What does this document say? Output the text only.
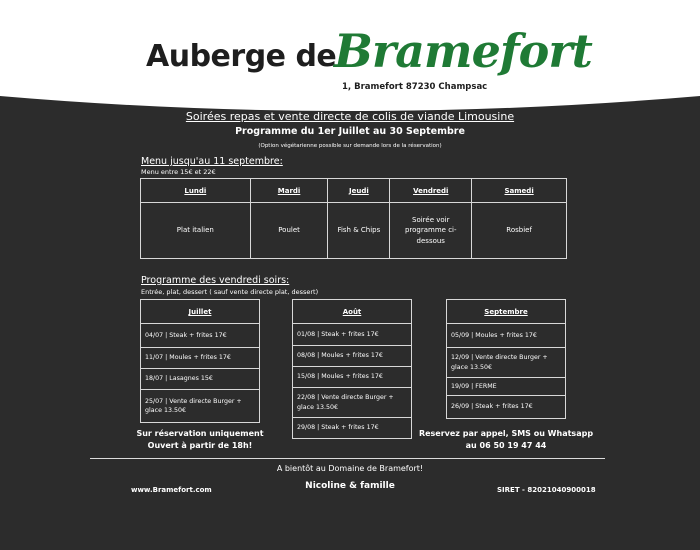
Auberge de
Bramefort
1, Bramefort 87230 Champsac
Soirées repas et vente directe de colis de viande Limousine
Programme du 1er Juillet au 30 Septembre
(Option végétarienne possible sur demande lors de la réservation)
Menu jusqu'au 11 septembre:
Menu entre 15€ et 22€
Lundi	Mardi	Jeudi	Vendredi	Samedi
Plat italien	Poulet	Fish & Chips	Soirée voir programme ci-dessous	Rosbief
Programme des vendredi soirs:
Entrée, plat, dessert ( sauf vente directe plat, dessert)
Juillet
04/07 | Steak + frites 17€
11/07 | Moules + frites 17€
18/07 | Lasagnes 15€
25/07 | Vente directe Burger + glace 13.50€
Août
01/08 | Steak + frites 17€
08/08 | Moules + frites 17€
15/08 | Moules + frites 17€
22/08 | Vente directe Burger + glace 13.50€
29/08 | Steak + frites 17€
Septembre
05/09 | Moules + frites 17€
12/09 | Vente directe Burger + glace 13.50€
19/09 | FERME
26/09 | Steak + frites 17€
Sur réservation uniquement
Ouvert à partir de 18h!
Reservez par appel, SMS ou Whatsapp
au 06 50 19 47 44
A bientôt au Domaine de Bramefort!
Nicoline & famille
www.Bramefort.com	SIRET - 82021040900018
